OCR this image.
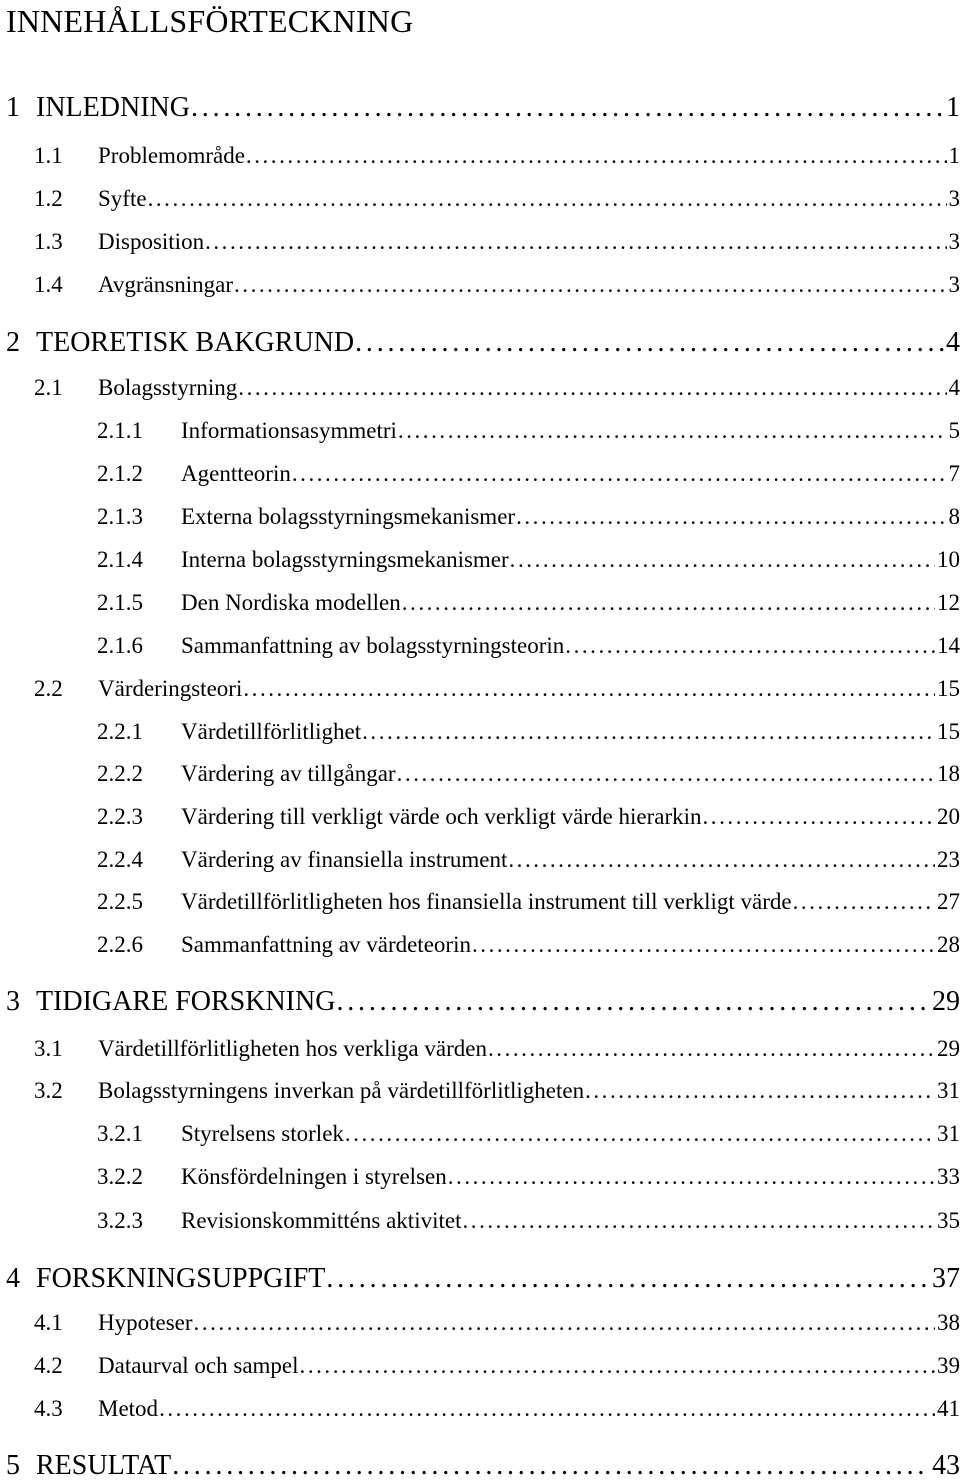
INNEHÅLLSFÖRTECKNING
1 INLEDNING . . .	1
1.1	Problemområde . . .	1
1.2	Syfte . . .	3
1.3	Disposition . . .	3
1.4	Avgränsningar . . .	3
2 TEORETISK BAKGRUND . . .	4
2.1	Bolagsstyrning . . .	4
2.1.1	Informationsasymmetri . . .	5
2.1.2	Agentteorin . . .	7
2.1.3	Externa bolagsstyrningsmekanismer . . .	8
2.1.4	Interna bolagsstyrningsmekanismer . . .	10
2.1.5	Den Nordiska modellen . . .	12
2.1.6	Sammanfattning av bolagsstyrningsteorin . . .	14
2.2	Värderingsteori . . .	15
2.2.1	Värdetillförlitlighet . . .	15
2.2.2	Värdering av tillgångar . . .	18
2.2.3	Värdering till verkligt värde och verkligt värde hierarkin . . .	20
2.2.4	Värdering av finansiella instrument . . .	23
2.2.5	Värdetillförlitligheten hos finansiella instrument till verkligt värde . . .	27
2.2.6	Sammanfattning av värdeteorin . . .	28
3 TIDIGARE FORSKNING . . .	29
3.1	Värdetillförlitligheten hos verkliga värden . . .	29
3.2	Bolagsstyrningens inverkan på värdetillförlitligheten . . .	31
3.2.1	Styrelsens storlek . . .	31
3.2.2	Könsfördelningen i styrelsen . . .	33
3.2.3	Revisionskommitténs aktivitet . . .	35
4 FORSKNINGSUPPGIFT . . .	37
4.1	Hypoteser . . .	38
4.2	Dataurval och sampel . . .	39
4.3	Metod . . .	41
5 RESULTAT . . .	43
